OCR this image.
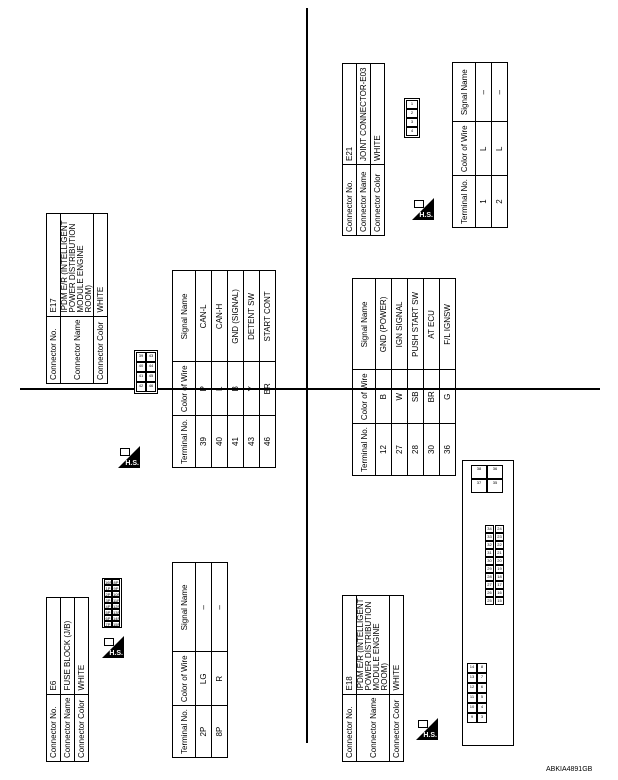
Connector No.	E6
Connector Name	FUSE BLOCK (J/B)
Connector Color	WHITE
H.S.
7P
6P
5P
4P
3P
2P
1P
16P
15P
14P
13P
12P
11P
10P
9P
8P
Terminal No.	Color of Wire	Signal Name
2P	LG	–
8P	R	–
Connector No.	E17
Connector Name	IPDM E/R (INTELLIGENT POWER DISTRIBUTION MODULE ENGINE ROOM)
Connector Color	WHITE
H.S.
42
41
40
39
46
45
44
43
Terminal No.	Color of Wire	Signal Name
39	P	CAN-L
40	L	CAN-H
41	B	GND (SIGNAL)
43	Y	DETENT SW
46	BR	START CONT
Connector No.	E18
Connector Name	IPDM E/R (INTELLIGENT POWER DISTRIBUTION MODULE ENGINE ROOM)
Connector Color	WHITE
H.S.
9
10
11
12
13
14
3
4
5
6
7
8
25
26
27
28
29
30
31
32
33
34
15
16
17
18
19
20
21
22
23
24
37
38
35
36
Terminal No.	Color of Wire	Signal Name
12	B	GND (POWER)
27	W	IGN SIGNAL
28	SB	PUSH START SW
30	BR	AT ECU
36	G	F/L IGNSW
Connector No.	E21
Connector Name	JOINT CONNECTOR-E03
Connector Color	WHITE
H.S.
4
3
2
1
Terminal No.	Color of Wire	Signal Name
1	L	–
2	L	–
ABKIA4891GB
